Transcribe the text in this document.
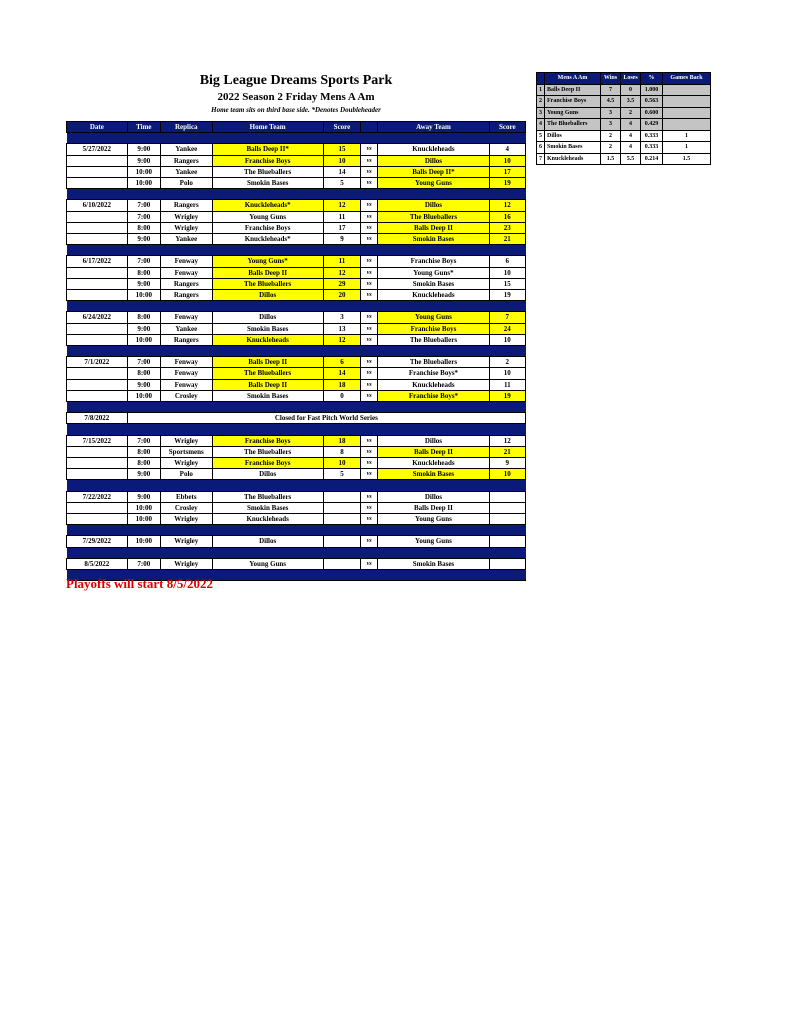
Big League Dreams Sports Park
2022 Season 2 Friday Mens A Am
Home team sits on third base side. *Denotes Doubleheader
Date	Time	Replica	Home Team	Score		Away Team	Score

5/27/2022	9:00	Yankee	Balls Deep II*	15	vs	Knuckleheads	4
	9:00	Rangers	Franchise Boys	10	vs	Dillos	10
	10:00	Yankee	The Blueballers	14	vs	Balls Deep II*	17
	10:00	Polo	Smokin Bases	5	vs	Young Guns	19

6/10/2022	7:00	Rangers	Knuckleheads*	12	vs	Dillos	12
	7:00	Wrigley	Young Guns	11	vs	The Blueballers	16
	8:00	Wrigley	Franchise Boys	17	vs	Balls Deep II	23
	9:00	Yankee	Knuckleheads*	9	vs	Smokin Bases	21

6/17/2022	7:00	Fenway	Young Guns*	11	vs	Franchise Boys	6
	8:00	Fenway	Balls Deep II	12	vs	Young Guns*	10
	9:00	Rangers	The Blueballers	29	vs	Smokin Bases	15
	10:00	Rangers	Dillos	20	vs	Knuckleheads	19

6/24/2022	8:00	Fenway	Dillos	3	vs	Young Guns	7
	9:00	Yankee	Smokin Bases	13	vs	Franchise Boys	24
	10:00	Rangers	Knuckleheads	12	vs	The Blueballers	10

7/1/2022	7:00	Fenway	Balls Deep II	6	vs	The Blueballers	2
	8:00	Fenway	The Blueballers	14	vs	Franchise Boys*	10
	9:00	Fenway	Balls Deep II	18	vs	Knuckleheads	11
	10:00	Crosley	Smokin Bases	0	vs	Franchise Boys*	19

7/8/2022	Closed for Fast Pitch World Series						

7/15/2022	7:00	Wrigley	Franchise Boys	18	vs	Dillos	12
	8:00	Sportsmens	The Blueballers	8	vs	Balls Deep II	21
	8:00	Wrigley	Franchise Boys	10	vs	Knuckleheads	9
	9:00	Polo	Dillos	5	vs	Smokin Bases	10

7/22/2022	9:00	Ebbets	The Blueballers		vs	Dillos	
	10:00	Crosley	Smokin Bases		vs	Balls Deep II	
	10:00	Wrigley	Knuckleheads		vs	Young Guns	

7/29/2022	10:00	Wrigley	Dillos		vs	Young Guns	

8/5/2022	7:00	Wrigley	Young Guns		vs	Smokin Bases	

Playoffs will start 8/5/2022
	Mens A Am	Wins	Loses	%	Games Back
1	Balls Deep II	7	0	1.000	
2	Franchise Boys	4.5	3.5	0.563	
3	Young Guns	3	2	0.600	
4	The Blueballers	3	4	0.429	
5	Dillos	2	4	0.333	1
6	Smokin Bases	2	4	0.333	1
7	Knuckleheads	1.5	5.5	0.214	1.5
